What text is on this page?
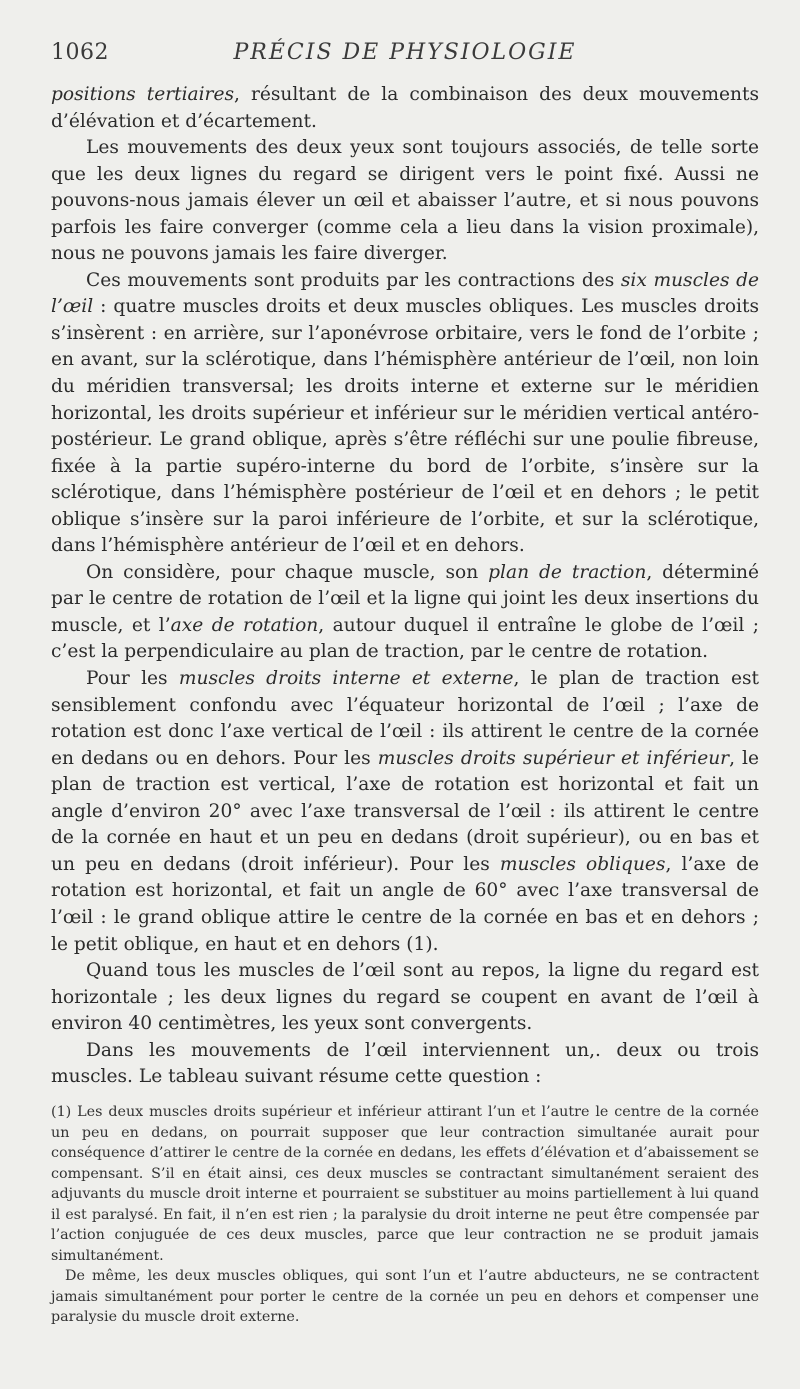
1062	PRÉCIS DE PHYSIOLOGIE

positions tertiaires, résultant de la combinaison des deux mouvements d’élévation et d’écartement.

Les mouvements des deux yeux sont toujours associés, de telle sorte que les deux lignes du regard se dirigent vers le point fixé. Aussi ne pouvons-nous jamais élever un œil et abaisser l’autre, et si nous pouvons parfois les faire converger (comme cela a lieu dans la vision proximale), nous ne pouvons jamais les faire diverger.

Ces mouvements sont produits par les contractions des six muscles de l’œil : quatre muscles droits et deux muscles obliques. Les muscles droits s’insèrent : en arrière, sur l’aponévrose orbitaire, vers le fond de l’orbite ; en avant, sur la sclérotique, dans l’hémisphère antérieur de l’œil, non loin du méridien transversal; les droits interne et externe sur le méridien horizontal, les droits supérieur et inférieur sur le méridien vertical antéro-postérieur. Le grand oblique, après s’être réfléchi sur une poulie fibreuse, fixée à la partie supéro-interne du bord de l’orbite, s’insère sur la sclérotique, dans l’hémisphère postérieur de l’œil et en dehors ; le petit oblique s’insère sur la paroi inférieure de l’orbite, et sur la sclérotique, dans l’hémisphère antérieur de l’œil et en dehors.

On considère, pour chaque muscle, son plan de traction, déterminé par le centre de rotation de l’œil et la ligne qui joint les deux insertions du muscle, et l’axe de rotation, autour duquel il entraîne le globe de l’œil ; c’est la perpendiculaire au plan de traction, par le centre de rotation.

Pour les muscles droits interne et externe, le plan de traction est sensiblement confondu avec l’équateur horizontal de l’œil ; l’axe de rotation est donc l’axe vertical de l’œil : ils attirent le centre de la cornée en dedans ou en dehors. Pour les muscles droits supérieur et inférieur, le plan de traction est vertical, l’axe de rotation est horizontal et fait un angle d’environ 20° avec l’axe transversal de l’œil : ils attirent le centre de la cornée en haut et un peu en dedans (droit supérieur), ou en bas et un peu en dedans (droit inférieur). Pour les muscles obliques, l’axe de rotation est horizontal, et fait un angle de 60° avec l’axe transversal de l’œil : le grand oblique attire le centre de la cornée en bas et en dehors ; le petit oblique, en haut et en dehors (1).

Quand tous les muscles de l’œil sont au repos, la ligne du regard est horizontale ; les deux lignes du regard se coupent en avant de l’œil à environ 40 centimètres, les yeux sont convergents.

Dans les mouvements de l’œil interviennent un,. deux ou trois muscles. Le tableau suivant résume cette question :

(1) Les deux muscles droits supérieur et inférieur attirant l’un et l’autre le centre de la cornée un peu en dedans, on pourrait supposer que leur contraction simultanée aurait pour conséquence d’attirer le centre de la cornée en dedans, les effets d’élévation et d’abaissement se compensant. S’il en était ainsi, ces deux muscles se contractant simultanément seraient des adjuvants du muscle droit interne et pourraient se substituer au moins partiellement à lui quand il est paralysé. En fait, il n’en est rien ; la paralysie du droit interne ne peut être compensée par l’action conjuguée de ces deux muscles, parce que leur contraction ne se produit jamais simultanément.

De même, les deux muscles obliques, qui sont l’un et l’autre abducteurs, ne se contractent jamais simultanément pour porter le centre de la cornée un peu en dehors et compenser une paralysie du muscle droit externe.
